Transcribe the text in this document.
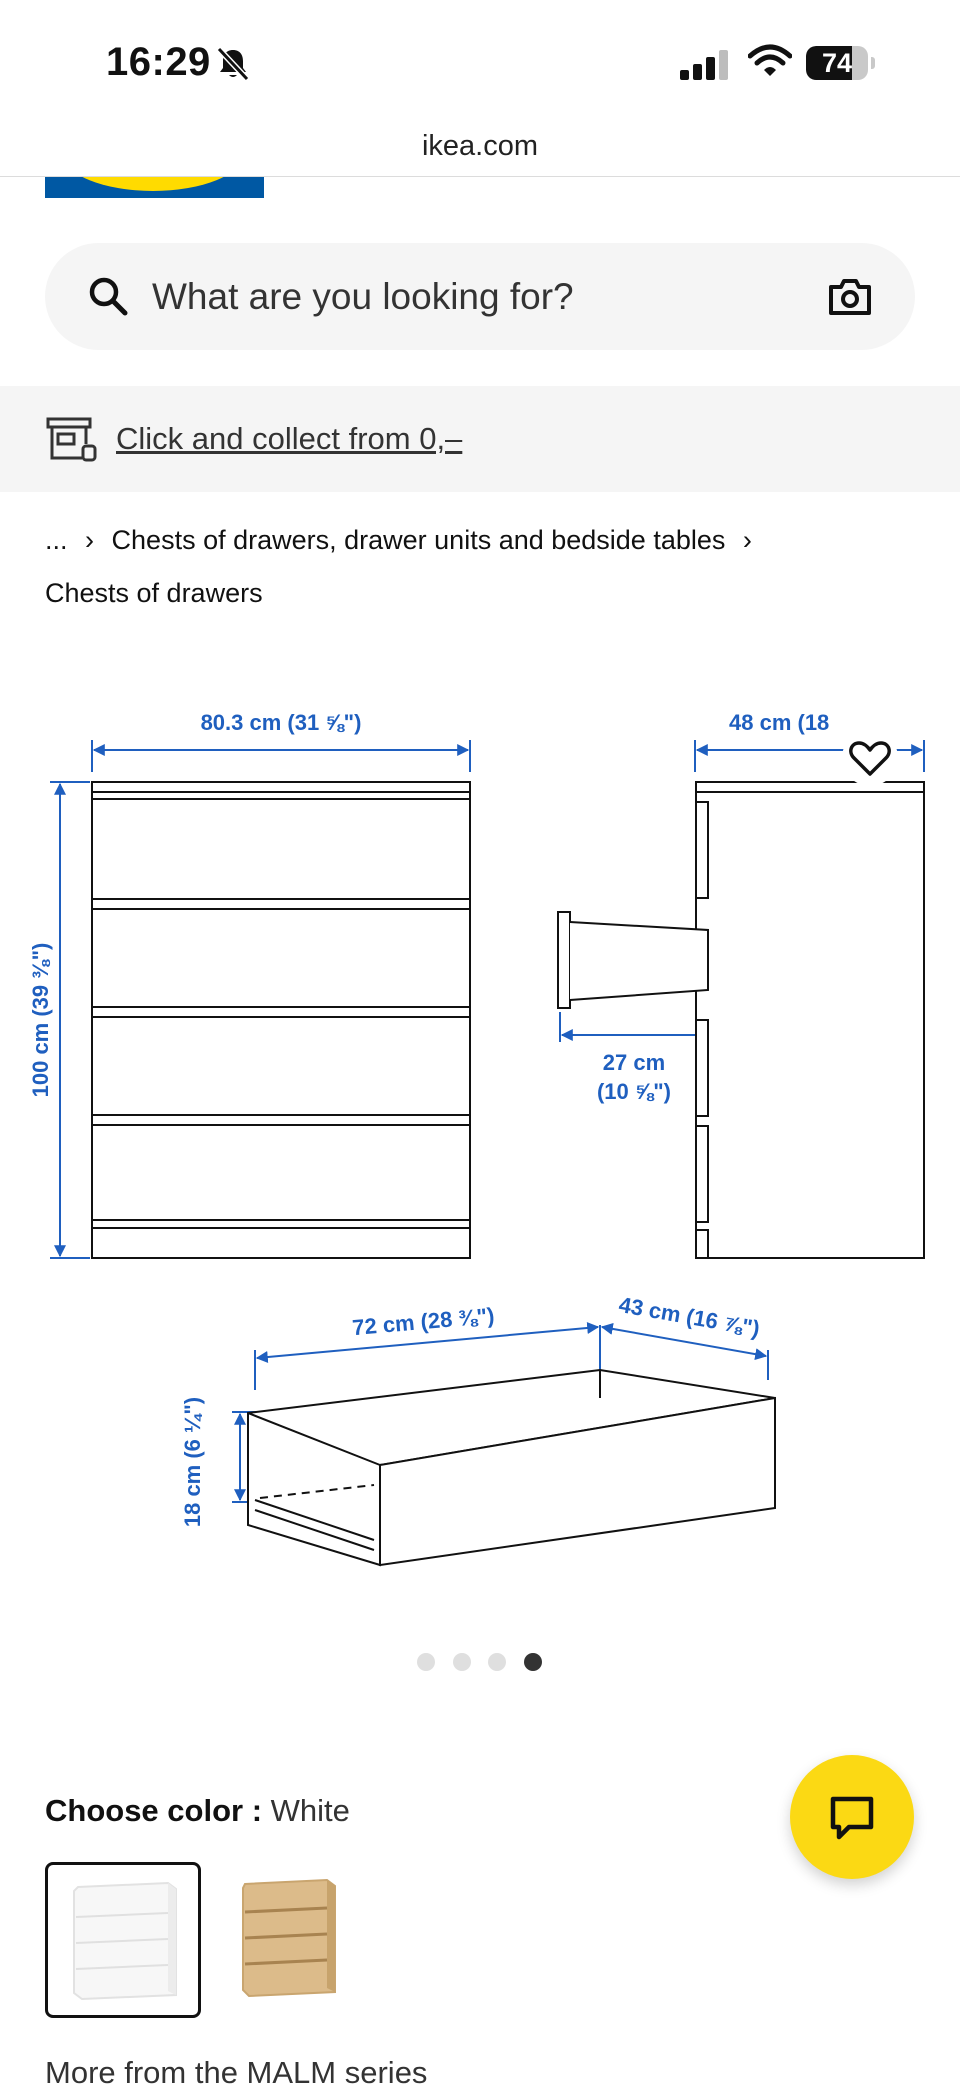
16:29	74
ikea.com
What are you looking for?
Click and collect from 0,–
... › Chests of drawers, drawer units and bedside tables ›
Chests of drawers
80.3 cm (31 ⅝")	48 cm (18
100 cm (39 ⅜")	27 cm
(10 ⅝")
72 cm (28 ⅜")	43 cm (16 ⅞")
18 cm (6 ¼")
Choose color : White
More from the MALM series
